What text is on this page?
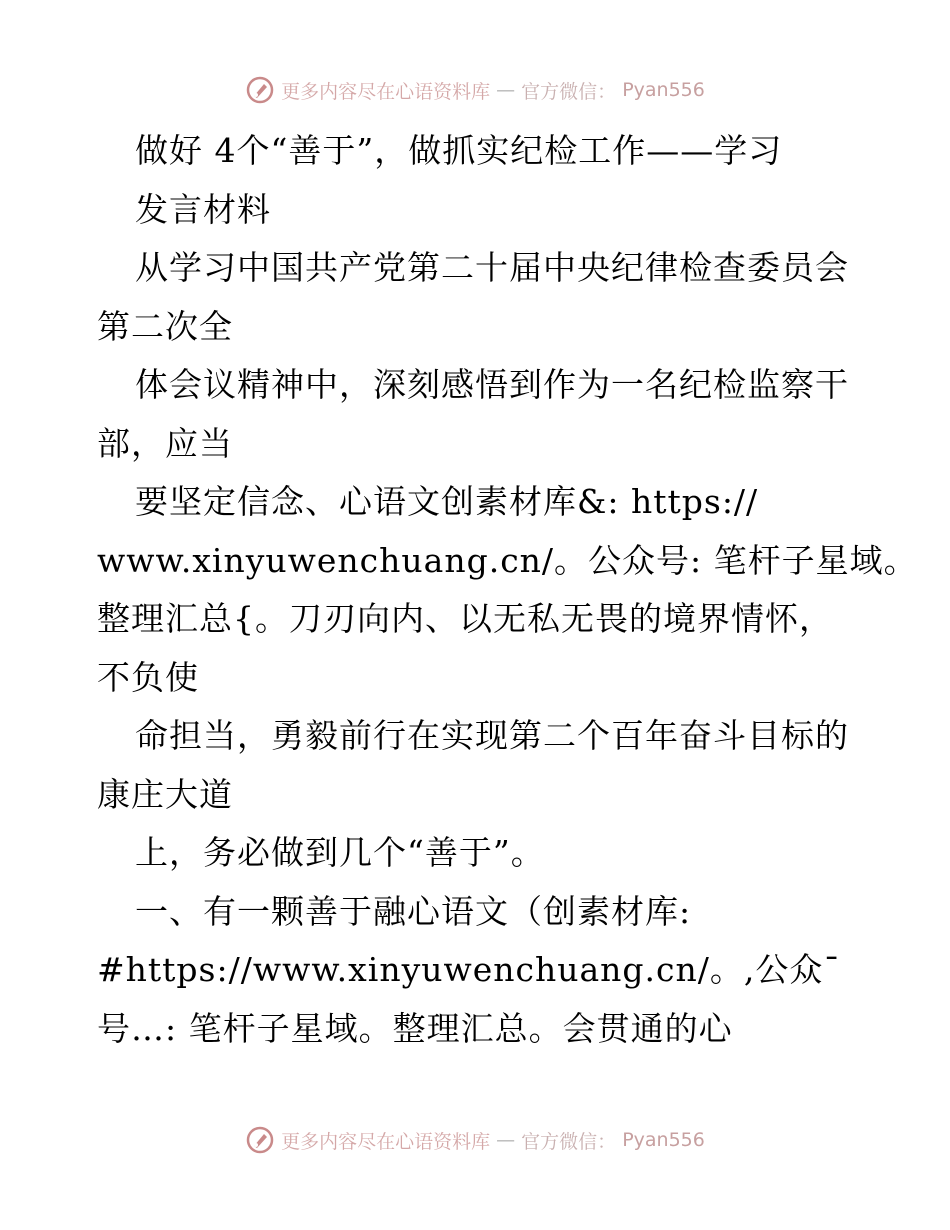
更多内容尽在心语资料库 — 官方微信： Pyan556
做好 4个“善于”，做抓实纪检工作——学习
发言材料
从学习中国共产党第二十届中央纪律检查委员会
第二次全
体会议精神中，深刻感悟到作为一名纪检监察干
部，应当
要坚定信念、心语文创素材库&: https://
www.xinyuwenchuang.cn/。公众号: 笔杆子星域。
整理汇总{。刀刃向内、以无私无畏的境界情怀，
不负使
命担当，勇毅前行在实现第二个百年奋斗目标的
康庄大道
上，务必做到几个“善于”。
一、有一颗善于融心语文（创素材库:
#https://www.xinyuwenchuang.cn/。,公众¯
号…: 笔杆子星域。整理汇总。会贯通的心
更多内容尽在心语资料库 — 官方微信： Pyan556
